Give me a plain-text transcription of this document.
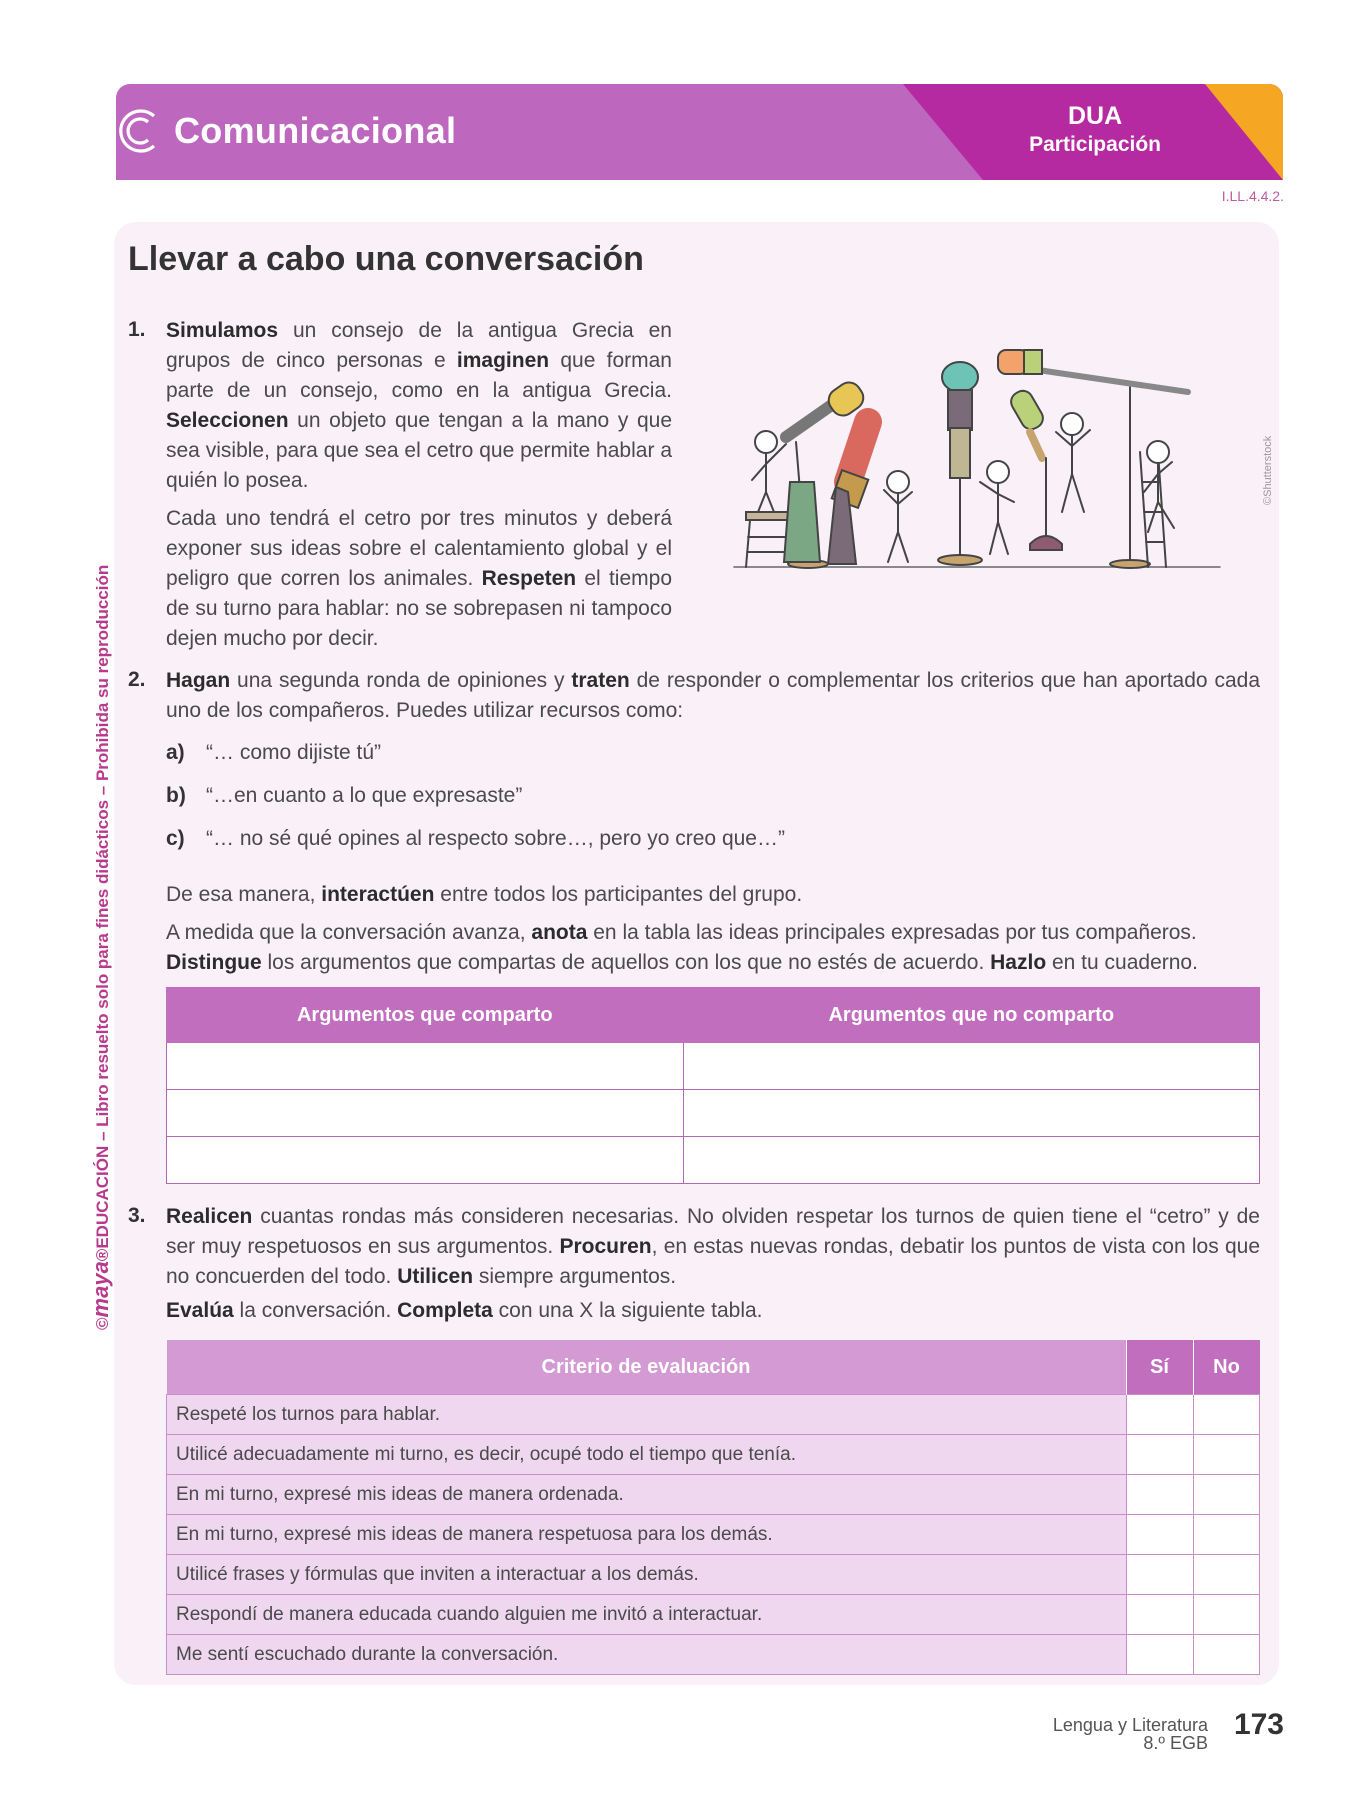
Comunicacional	DUA
Participación
I.LL.4.4.2.
©maya®EDUCACIÓN – Libro resuelto solo para fines didácticos – Prohibida su reproducción
Llevar a cabo una conversación
1. Simulamos un consejo de la antigua Grecia en grupos de cinco personas e imaginen que forman parte de un consejo, como en la antigua Grecia. Seleccionen un objeto que tengan a la mano y que sea visible, para que sea el cetro que permite hablar a quién lo posea.
Cada uno tendrá el cetro por tres minutos y deberá exponer sus ideas sobre el calentamiento global y el peligro que corren los animales. Respeten el tiempo de su turno para hablar: no se sobrepasen ni tampoco dejen mucho por decir.
©Shutterstock
2. Hagan una segunda ronda de opiniones y traten de responder o complementar los criterios que han aportado cada uno de los compañeros. Puedes utilizar recursos como:
a) “… como dijiste tú”
b) “…en cuanto a lo que expresaste”
c) “… no sé qué opines al respecto sobre…, pero yo creo que…”
De esa manera, interactúen entre todos los participantes del grupo.
A medida que la conversación avanza, anota en la tabla las ideas principales expresadas por tus compañeros.
Distingue los argumentos que compartas de aquellos con los que no estés de acuerdo. Hazlo en tu cuaderno.
Argumentos que comparto	Argumentos que no comparto

3. Realicen cuantas rondas más consideren necesarias. No olviden respetar los turnos de quien tiene el “cetro” y de ser muy respetuosos en sus argumentos. Procuren, en estas nuevas rondas, debatir los puntos de vista con los que no concuerden del todo. Utilicen siempre argumentos.
Evalúa la conversación. Completa con una X la siguiente tabla.
Criterio de evaluación	Sí	No
Respeté los turnos para hablar.		
Utilicé adecuadamente mi turno, es decir, ocupé todo el tiempo que tenía.		
En mi turno, expresé mis ideas de manera ordenada.		
En mi turno, expresé mis ideas de manera respetuosa para los demás.		
Utilicé frases y fórmulas que inviten a interactuar a los demás.		
Respondí de manera educada cuando alguien me invitó a interactuar.		
Me sentí escuchado durante la conversación.		
Lengua y Literatura
8.º EGB
173
